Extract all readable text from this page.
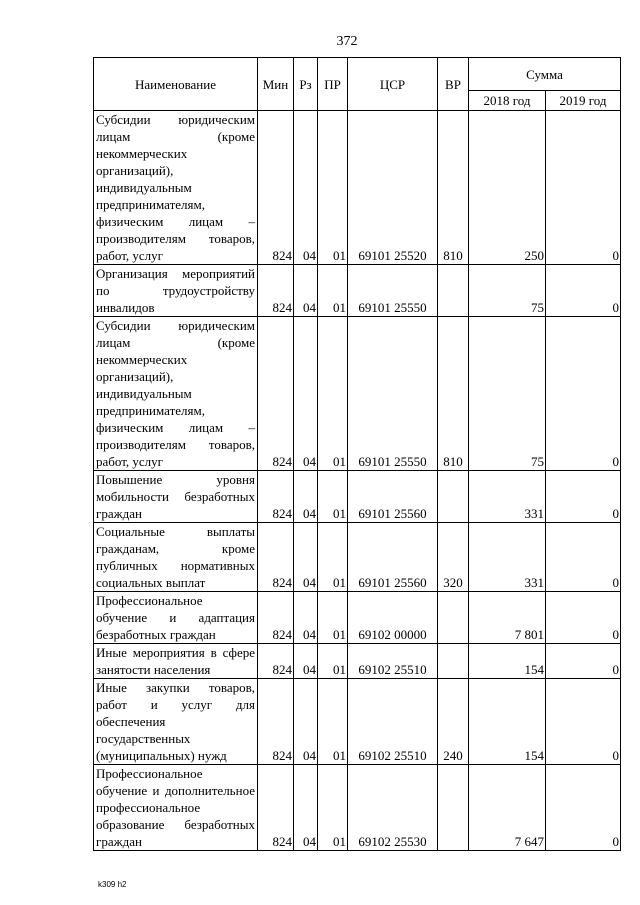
372
Наименование	Мин	Рз	ПР	ЦСР	ВР	Сумма	
						2018 год	2019 год
Субсидии юридическим лицам (кроме некоммерческих организаций), индивидуальным предпринимателям, физическим лицам – производителям товаров, работ, услуг	824	04	01	69101 25520	810	250	0
Организация мероприятий по трудоустройству инвалидов	824	04	01	69101 25550		75	0
Субсидии юридическим лицам (кроме некоммерческих организаций), индивидуальным предпринимателям, физическим лицам – производителям товаров, работ, услуг	824	04	01	69101 25550	810	75	0
Повышение уровня мобильности безработных граждан	824	04	01	69101 25560		331	0
Социальные выплаты гражданам, кроме публичных нормативных социальных выплат	824	04	01	69101 25560	320	331	0
Профессиональное обучение и адаптация безработных граждан	824	04	01	69102 00000		7 801	0
Иные мероприятия в сфере занятости населения	824	04	01	69102 25510		154	0
Иные закупки товаров, работ и услуг для обеспечения государственных (муниципальных) нужд	824	04	01	69102 25510	240	154	0
Профессиональное обучение и дополнительное профессиональное образование безработных граждан	824	04	01	69102 25530		7 647	0
k309 h2
